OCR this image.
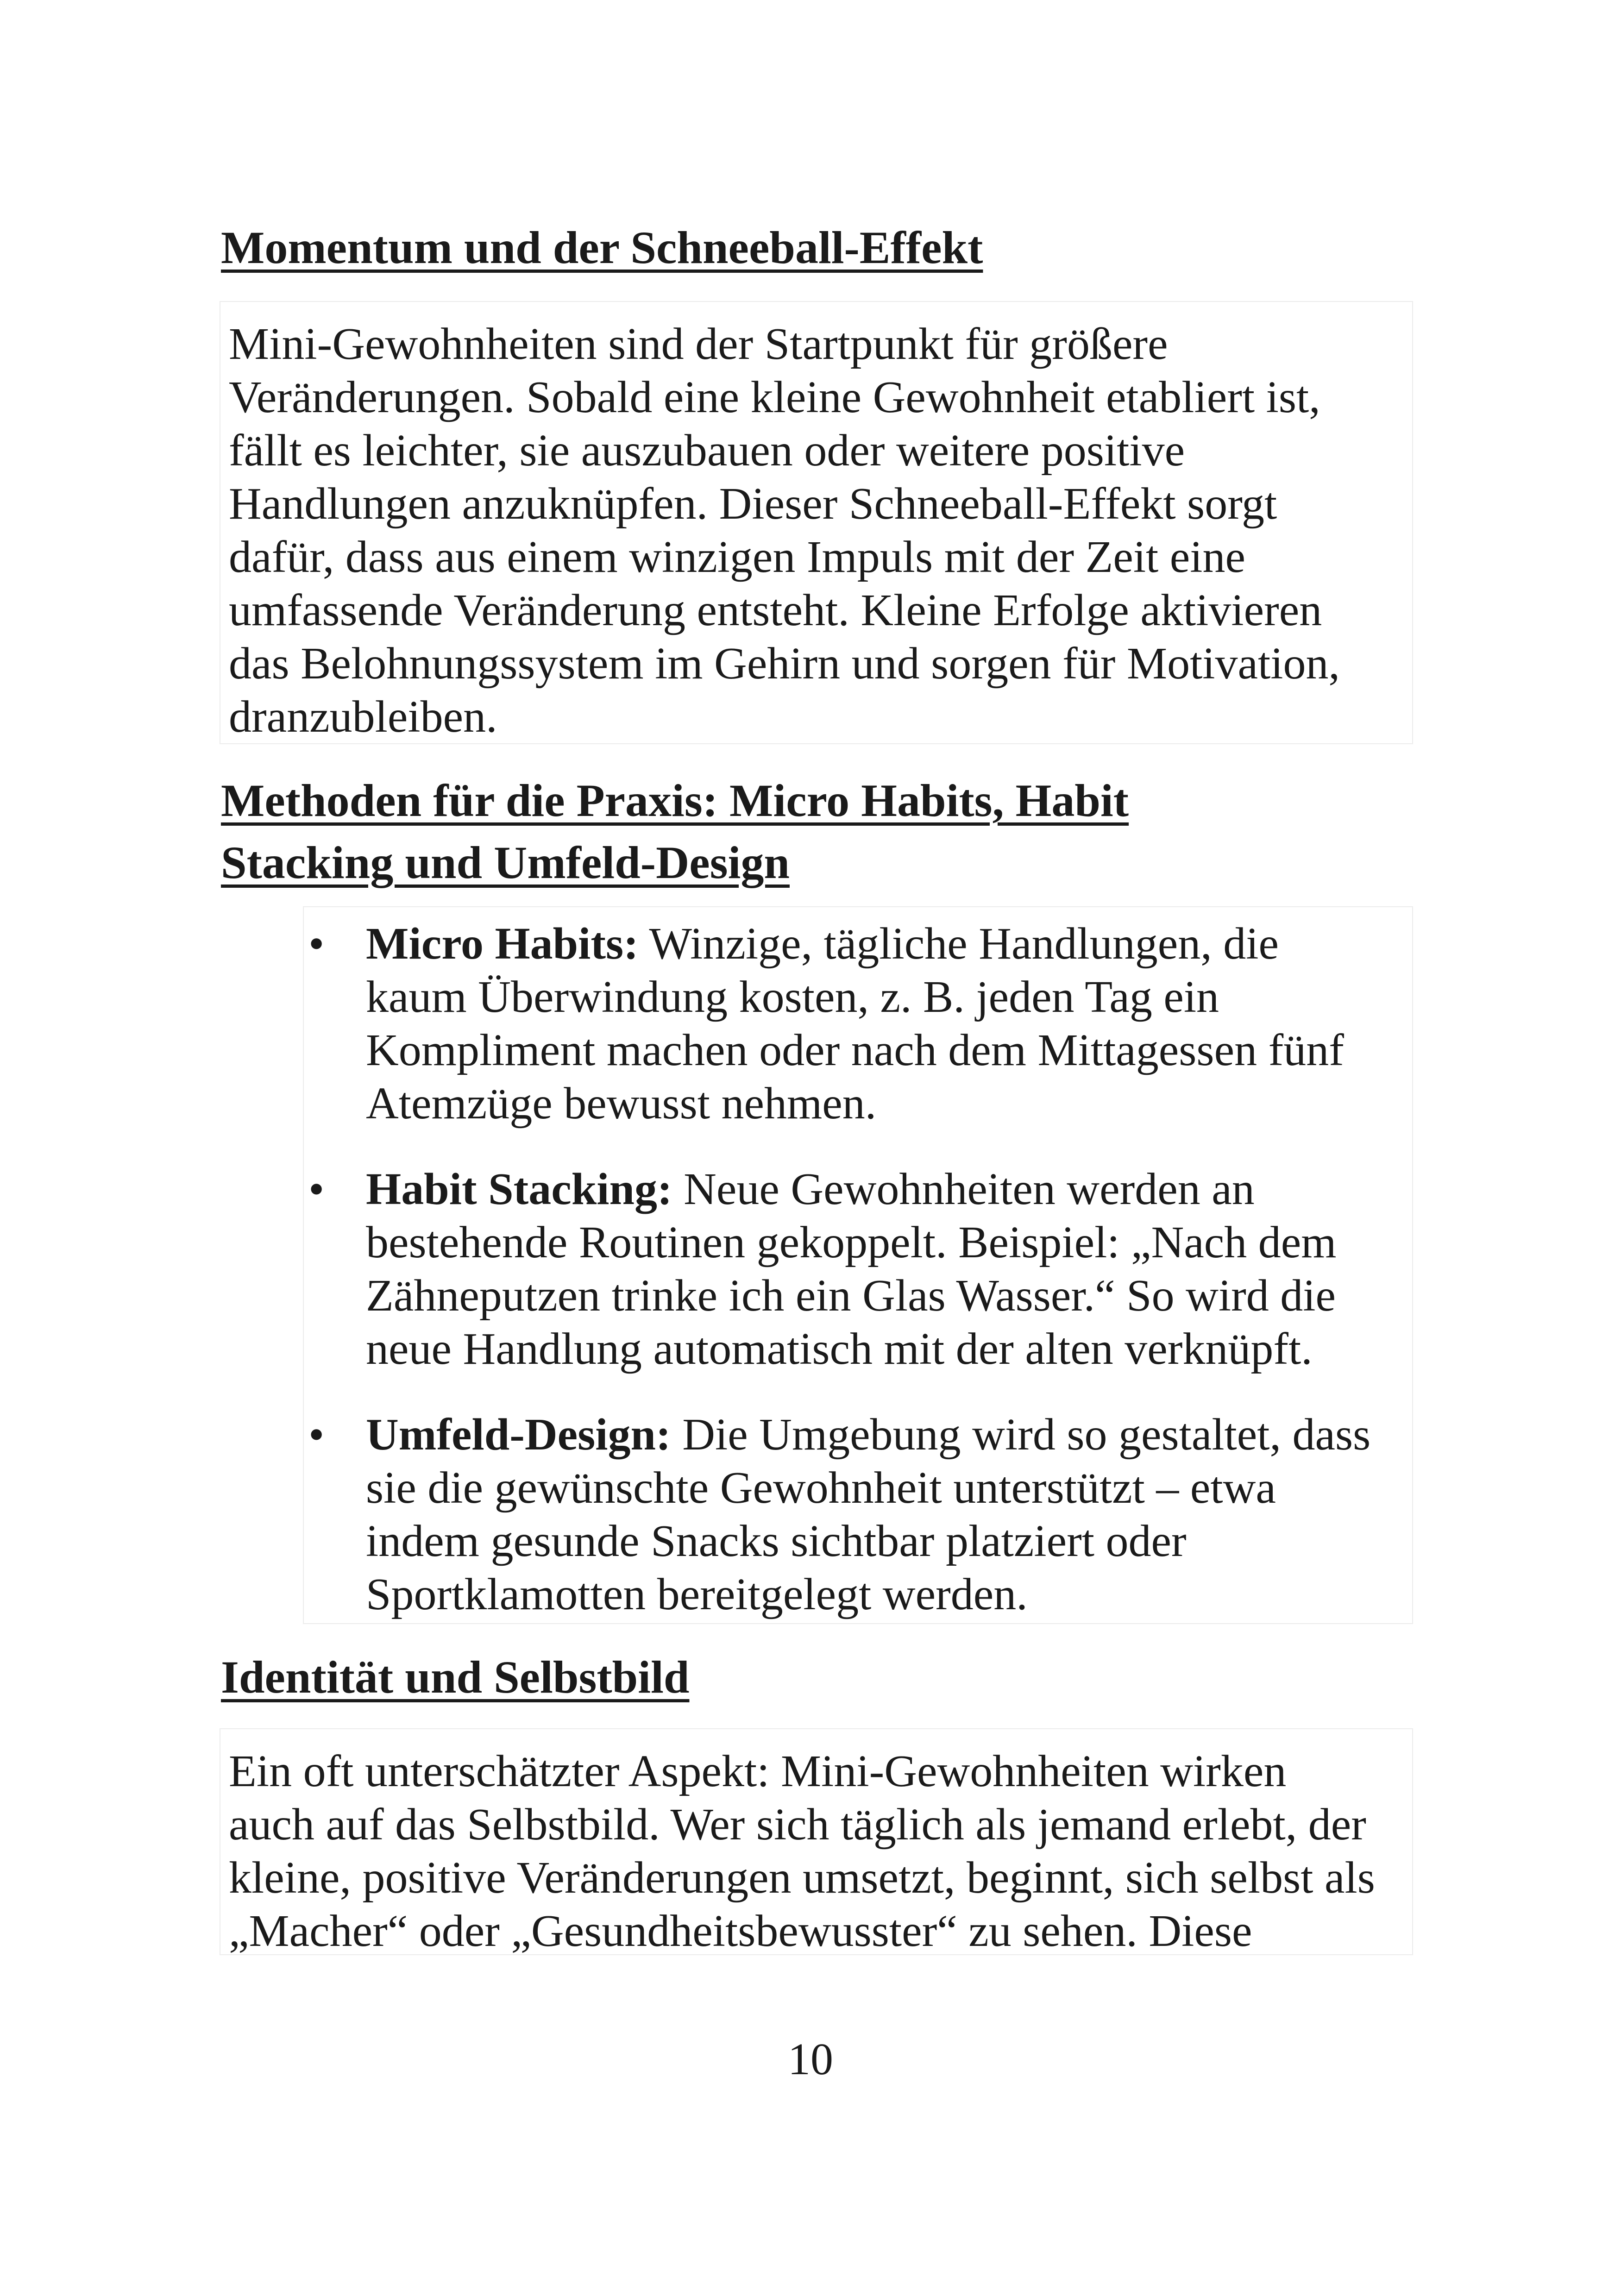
Momentum und der Schneeball-Effekt

Mini-Gewohnheiten sind der Startpunkt für größere
Veränderungen. Sobald eine kleine Gewohnheit etabliert ist,
fällt es leichter, sie auszubauen oder weitere positive
Handlungen anzuknüpfen. Dieser Schneeball-Effekt sorgt
dafür, dass aus einem winzigen Impuls mit der Zeit eine
umfassende Veränderung entsteht. Kleine Erfolge aktivieren
das Belohnungssystem im Gehirn und sorgen für Motivation,
dranzubleiben.

Methoden für die Praxis: Micro Habits, Habit
Stacking und Umfeld-Design
• Micro Habits: Winzige, tägliche Handlungen, die
kaum Überwindung kosten, z. B. jeden Tag ein
Kompliment machen oder nach dem Mittagessen fünf
Atemzüge bewusst nehmen.
• Habit Stacking: Neue Gewohnheiten werden an
bestehende Routinen gekoppelt. Beispiel: „Nach dem
Zähneputzen trinke ich ein Glas Wasser.“ So wird die
neue Handlung automatisch mit der alten verknüpft.
• Umfeld-Design: Die Umgebung wird so gestaltet, dass
sie die gewünschte Gewohnheit unterstützt – etwa
indem gesunde Snacks sichtbar platziert oder
Sportklamotten bereitgelegt werden.
Identität und Selbstbild

Ein oft unterschätzter Aspekt: Mini-Gewohnheiten wirken
auch auf das Selbstbild. Wer sich täglich als jemand erlebt, der
kleine, positive Veränderungen umsetzt, beginnt, sich selbst als
„Macher“ oder „Gesundheitsbewusster“ zu sehen. Diese

10
